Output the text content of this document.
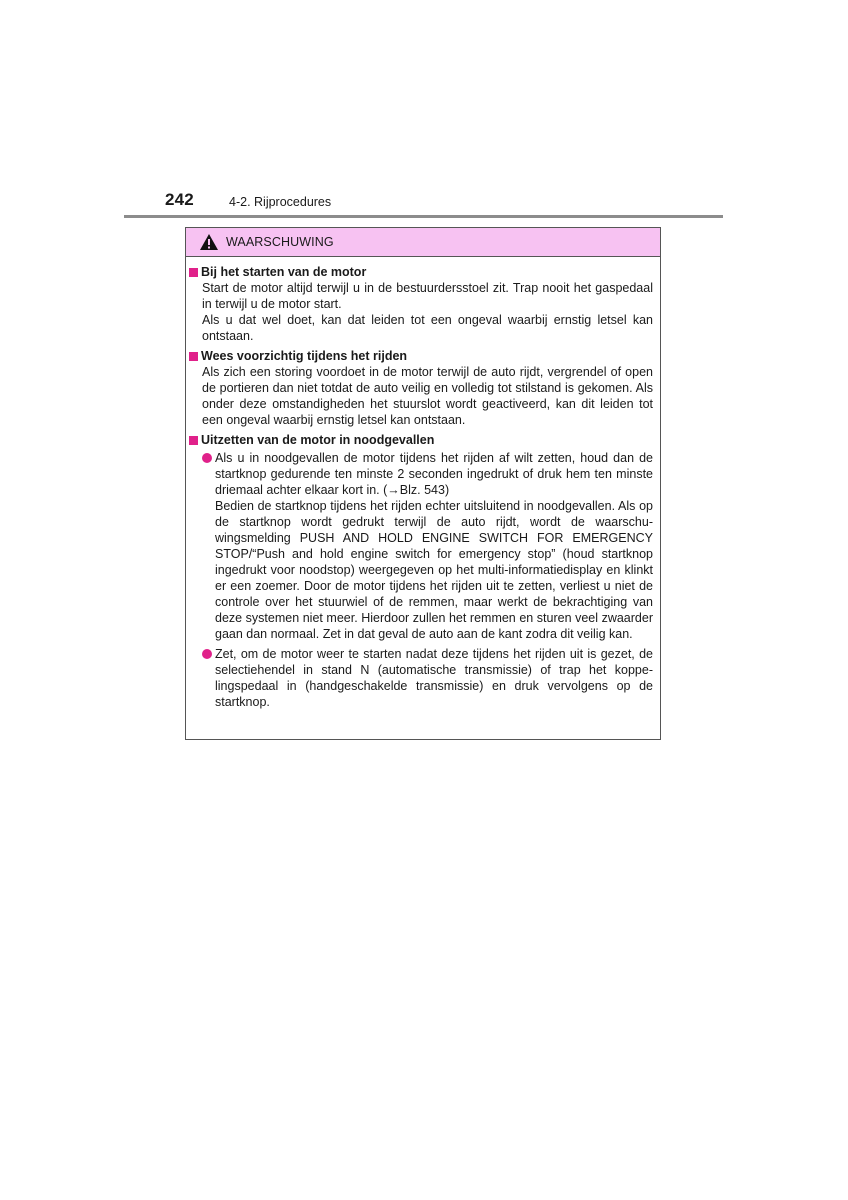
242	4-2. Rijprocedures
WAARSCHUWING
Bij het starten van de motor

Start de motor altijd terwijl u in de bestuurdersstoel zit. Trap nooit het gaspedaal in terwijl u de motor start.

Als u dat wel doet, kan dat leiden tot een ongeval waarbij ernstig letsel kan ontstaan.

Wees voorzichtig tijdens het rijden

Als zich een storing voordoet in de motor terwijl de auto rijdt, vergrendel of open de portieren dan niet totdat de auto veilig en volledig tot stilstand is gekomen. Als onder deze omstandigheden het stuurslot wordt geactiveerd, kan dit leiden tot een ongeval waarbij ernstig letsel kan ontstaan.

Uitzetten van de motor in noodgevallen

Als u in noodgevallen de motor tijdens het rijden af wilt zetten, houd dan de startknop gedurende ten minste 2 seconden ingedrukt of druk hem ten minste driemaal achter elkaar kort in. (→Blz. 543)

Bedien de startknop tijdens het rijden echter uitsluitend in noodgevallen. Als op de startknop wordt gedrukt terwijl de auto rijdt, wordt de waarschuwingsmelding PUSH AND HOLD ENGINE SWITCH FOR EMERGENCY STOP/“Push and hold engine switch for emergency stop” (houd startknop ingedrukt voor noodstop) weergegeven op het multi-informatiedisplay en klinkt er een zoemer. Door de motor tijdens het rijden uit te zetten, verliest u niet de controle over het stuurwiel of de remmen, maar werkt de bekrachtiging van deze systemen niet meer. Hierdoor zullen het remmen en sturen veel zwaarder gaan dan normaal. Zet in dat geval de auto aan de kant zodra dit veilig kan.

Zet, om de motor weer te starten nadat deze tijdens het rijden uit is gezet, de selectiehendel in stand N (automatische transmissie) of trap het koppelingspedaal in (handgeschakelde transmissie) en druk vervolgens op de startknop.
